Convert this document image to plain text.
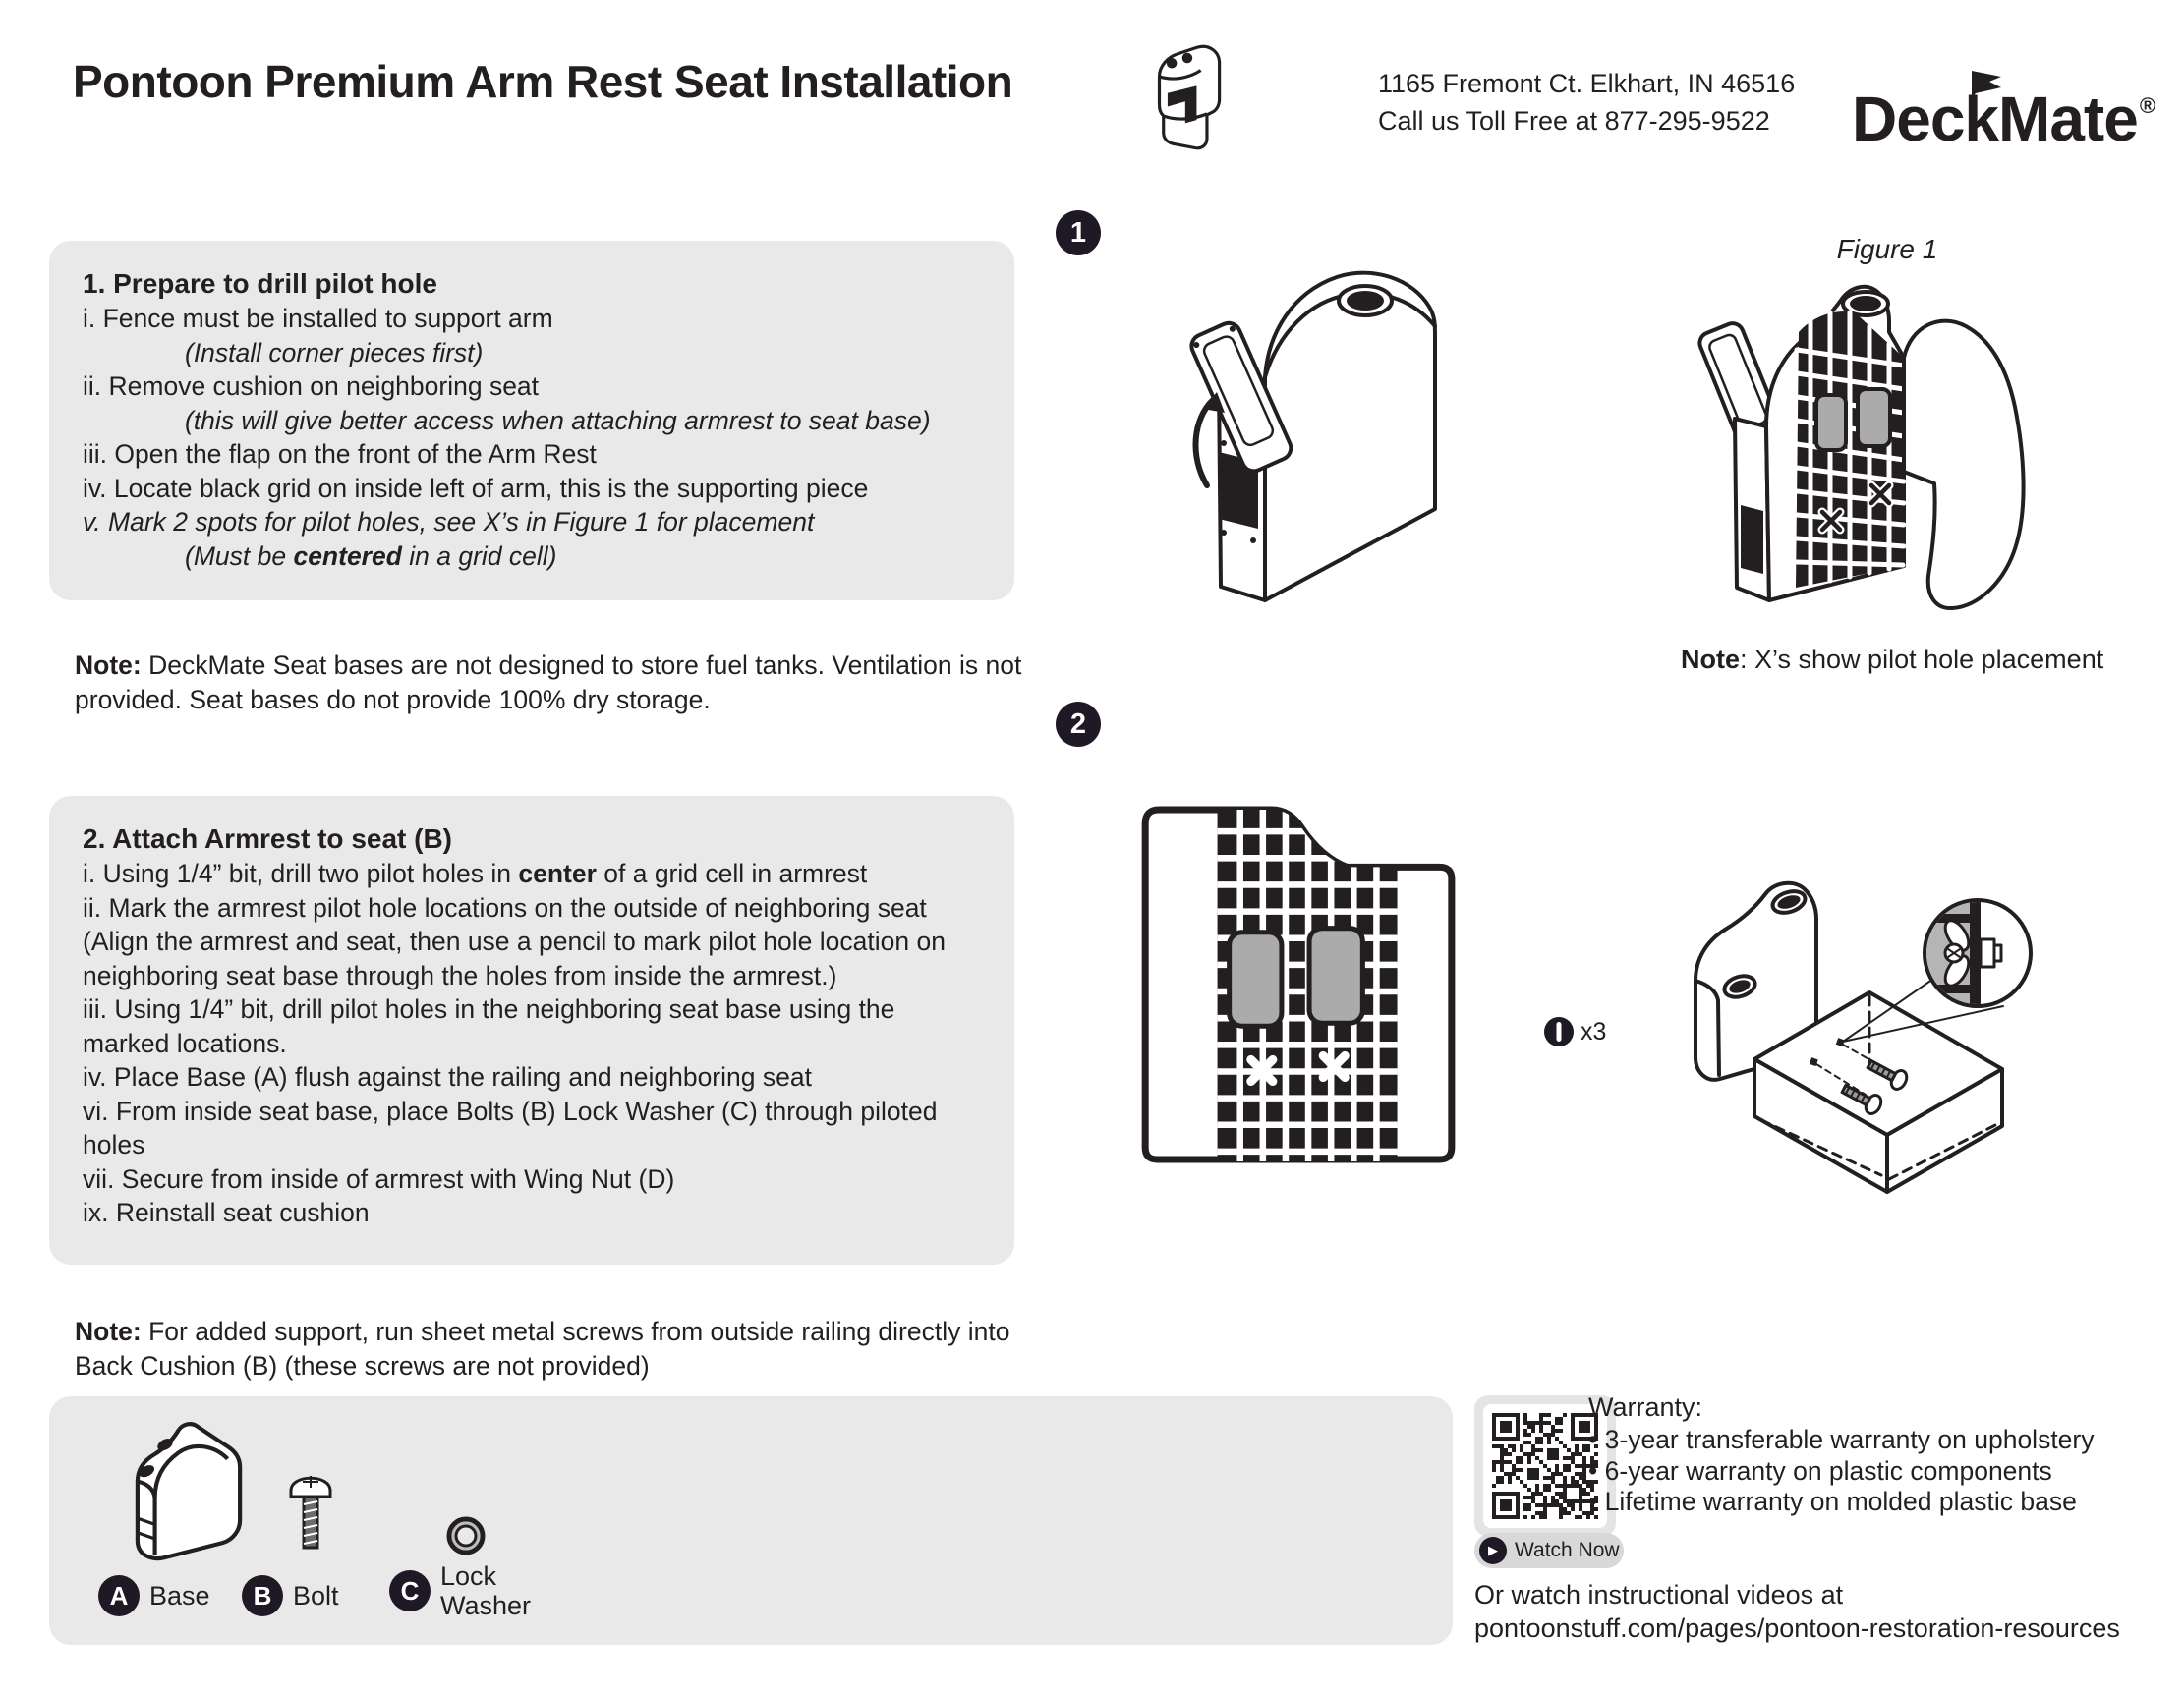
Pontoon Premium Arm Rest Seat Installation	1165 Fremont Ct. Elkhart, IN 46516
Call us Toll Free at 877-295-9522	DeckMate®
1
1. Prepare to drill pilot hole
i. Fence must be installed to support arm
(Install corner pieces first)
ii. Remove cushion on neighboring seat
(this will give better access when attaching armrest to seat base)
iii. Open the flap on the front of the Arm Rest
iv. Locate black grid on inside left of arm, this is the supporting piece
v. Mark 2 spots for pilot holes, see X’s in Figure 1 for placement
(Must be centered in a grid cell)
Note: DeckMate Seat bases are not designed to store fuel tanks. Ventilation is not provided. Seat bases do not provide 100% dry storage.
Figure 1
Note: X’s show pilot hole placement
2
2. Attach Armrest to seat (B)
i. Using 1/4” bit, drill two pilot holes in center of a grid cell in armrest
ii. Mark the armrest pilot hole locations on the outside of neighboring seat
(Align the armrest and seat, then use a pencil to mark pilot hole location on neighboring seat base through the holes from inside the armrest.)
iii. Using 1/4” bit, drill pilot holes in the neighboring seat base using the marked locations.
iv. Place Base (A) flush against the railing and neighboring seat
vi. From inside seat base, place Bolts (B) Lock Washer (C) through piloted holes
vii. Secure from inside of armrest with Wing Nut (D)
ix. Reinstall seat cushion
Note: For added support, run sheet metal screws from outside railing directly into Back Cushion (B) (these screws are not provided)
x3
A Base	B Bolt	C Lock Washer
▶ Watch Now
Warranty:
• 3-year transferable warranty on upholstery
• 6-year warranty on plastic components
• Lifetime warranty on molded plastic base
Or watch instructional videos at
pontoonstuff.com/pages/pontoon-restoration-resources
